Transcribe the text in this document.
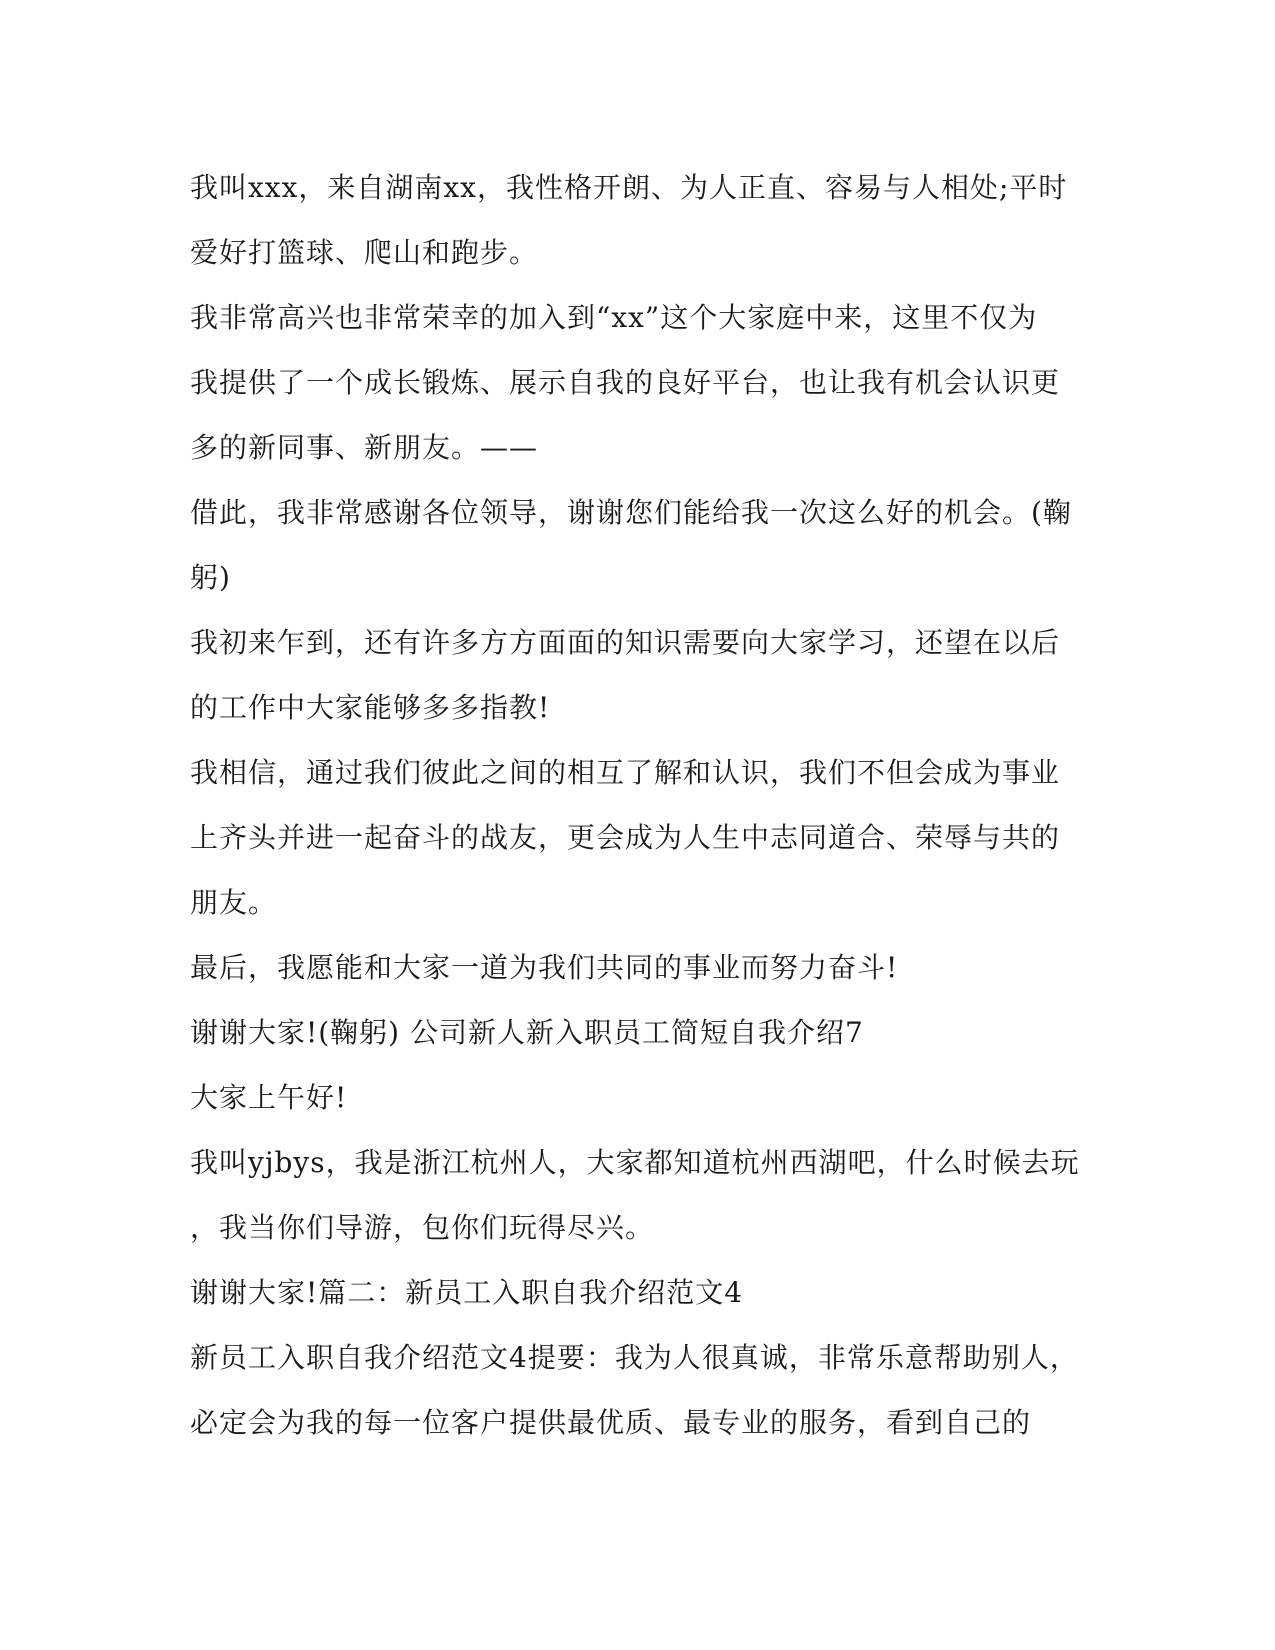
我叫xxx，来自湖南xx，我性格开朗、为人正直、容易与人相处;平时
爱好打篮球、爬山和跑步。
我非常高兴也非常荣幸的加入到“xx”这个大家庭中来，这里不仅为
我提供了一个成长锻炼、展示自我的良好平台，也让我有机会认识更
多的新同事、新朋友。——
借此，我非常感谢各位领导，谢谢您们能给我一次这么好的机会。(鞠
躬)
我初来乍到，还有许多方方面面的知识需要向大家学习，还望在以后
的工作中大家能够多多指教!
我相信，通过我们彼此之间的相互了解和认识，我们不但会成为事业
上齐头并进一起奋斗的战友，更会成为人生中志同道合、荣辱与共的
朋友。
最后，我愿能和大家一道为我们共同的事业而努力奋斗!
谢谢大家!(鞠躬) 公司新人新入职员工简短自我介绍7
大家上午好!
我叫yjbys，我是浙江杭州人，大家都知道杭州西湖吧，什么时候去玩
，我当你们导游，包你们玩得尽兴。
谢谢大家!篇二：新员工入职自我介绍范文4
新员工入职自我介绍范文4提要：我为人很真诚，非常乐意帮助别人，
必定会为我的每一位客户提供最优质、最专业的服务，看到自己的
